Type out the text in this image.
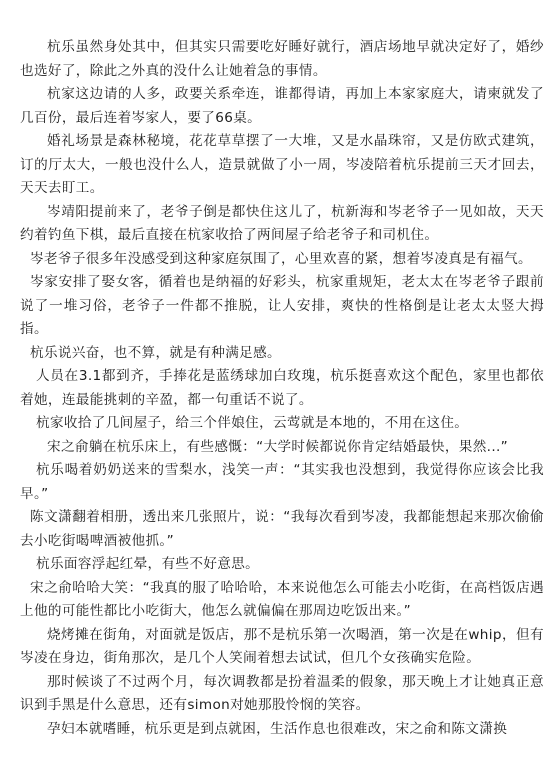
杭乐虽然身处其中，但其实只需要吃好睡好就行，酒店场地早就决定好了，婚纱也选好了，除此之外真的没什么让她着急的事情。

杭家这边请的人多，政要关系牵连，谁都得请，再加上本家家庭大，请柬就发了几百份，最后连着岑家人，要了66桌。

婚礼场景是森林秘境，花花草草摆了一大堆，又是水晶珠帘，又是仿欧式建筑，订的厅太大，一般也没什么人，造景就做了小一周，岑凌陪着杭乐提前三天才回去，天天去盯工。

岑靖阳提前来了，老爷子倒是都快住这儿了，杭新海和岑老爷子一见如故，天天约着钓鱼下棋，最后直接在杭家收拾了两间屋子给老爷子和司机住。

岑老爷子很多年没感受到这种家庭氛围了，心里欢喜的紧，想着岑凌真是有福气。

岑家安排了娶女客，循着也是纳福的好彩头，杭家重规矩，老太太在岑老爷子跟前说了一堆习俗，老爷子一件都不推脱，让人安排，爽快的性格倒是让老太太竖大拇指。

杭乐说兴奋，也不算，就是有种满足感。

人员在3.1都到齐，手捧花是蓝绣球加白玫瑰，杭乐挺喜欢这个配色，家里也都依着她，连最能挑刺的辛盈，都一句重话不说了。

杭家收拾了几间屋子，给三个伴娘住，云莺就是本地的，不用在这住。

宋之俞躺在杭乐床上，有些感慨：“大学时候都说你肯定结婚最快，果然...”

杭乐喝着奶奶送来的雪梨水，浅笑一声：“其实我也没想到，我觉得你应该会比我早。”

陈文潇翻着相册，透出来几张照片，说：“我每次看到岑凌，我都能想起来那次偷偷去小吃街喝啤酒被他抓。”

杭乐面容浮起红晕，有些不好意思。

宋之俞哈哈大笑：“我真的服了哈哈哈，本来说他怎么可能去小吃街，在高档饭店遇上他的可能性都比小吃街大，他怎么就偏偏在那周边吃饭出来。”

烧烤摊在街角，对面就是饭店，那不是杭乐第一次喝酒，第一次是在whip，但有岑凌在身边，街角那次，是几个人笑闹着想去试试，但几个女孩确实危险。

那时候谈了不过两个月，每次调教都是扮着温柔的假象，那天晚上才让她真正意识到手黑是什么意思，还有simon对她那股怜悯的笑容。

孕妇本就嗜睡，杭乐更是到点就困，生活作息也很难改，宋之俞和陈文潇换
